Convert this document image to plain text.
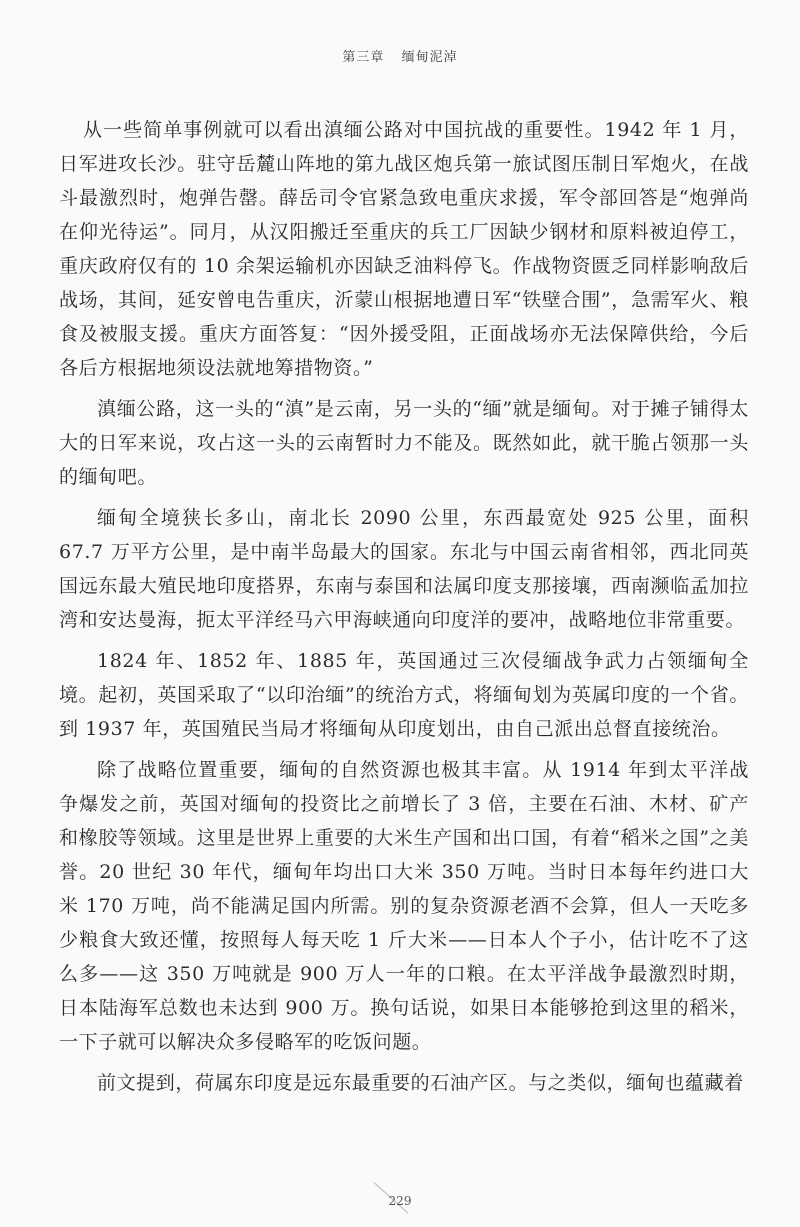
第三章 缅甸泥淖

从一些简单事例就可以看出滇缅公路对中国抗战的重要性。1942 年 1 月，日军进攻长沙。驻守岳麓山阵地的第九战区炮兵第一旅试图压制日军炮火，在战斗最激烈时，炮弹告罄。薛岳司令官紧急致电重庆求援，军令部回答是“炮弹尚在仰光待运”。同月，从汉阳搬迁至重庆的兵工厂因缺少钢材和原料被迫停工，重庆政府仅有的 10 余架运输机亦因缺乏油料停飞。作战物资匮乏同样影响敌后战场，其间，延安曾电告重庆，沂蒙山根据地遭日军“铁壁合围”，急需军火、粮食及被服支援。重庆方面答复：“因外援受阻，正面战场亦无法保障供给，今后各后方根据地须设法就地筹措物资。”

滇缅公路，这一头的“滇”是云南，另一头的“缅”就是缅甸。对于摊子铺得太大的日军来说，攻占这一头的云南暂时力不能及。既然如此，就干脆占领那一头的缅甸吧。

缅甸全境狭长多山，南北长 2090 公里，东西最宽处 925 公里，面积 67.7 万平方公里，是中南半岛最大的国家。东北与中国云南省相邻，西北同英国远东最大殖民地印度搭界，东南与泰国和法属印度支那接壤，西南濒临孟加拉湾和安达曼海，扼太平洋经马六甲海峡通向印度洋的要冲，战略地位非常重要。

1824 年、1852 年、1885 年，英国通过三次侵缅战争武力占领缅甸全境。起初，英国采取了“以印治缅”的统治方式，将缅甸划为英属印度的一个省。到 1937 年，英国殖民当局才将缅甸从印度划出，由自己派出总督直接统治。

除了战略位置重要，缅甸的自然资源也极其丰富。从 1914 年到太平洋战争爆发之前，英国对缅甸的投资比之前增长了 3 倍，主要在石油、木材、矿产和橡胶等领域。这里是世界上重要的大米生产国和出口国，有着“稻米之国”之美誉。20 世纪 30 年代，缅甸年均出口大米 350 万吨。当时日本每年约进口大米 170 万吨，尚不能满足国内所需。别的复杂资源老酒不会算，但人一天吃多少粮食大致还懂，按照每人每天吃 1 斤大米——日本人个子小，估计吃不了这么多——这 350 万吨就是 900 万人一年的口粮。在太平洋战争最激烈时期，日本陆海军总数也未达到 900 万。换句话说，如果日本能够抢到这里的稻米，一下子就可以解决众多侵略军的吃饭问题。

前文提到，荷属东印度是远东最重要的石油产区。与之类似，缅甸也蕴藏着

229
